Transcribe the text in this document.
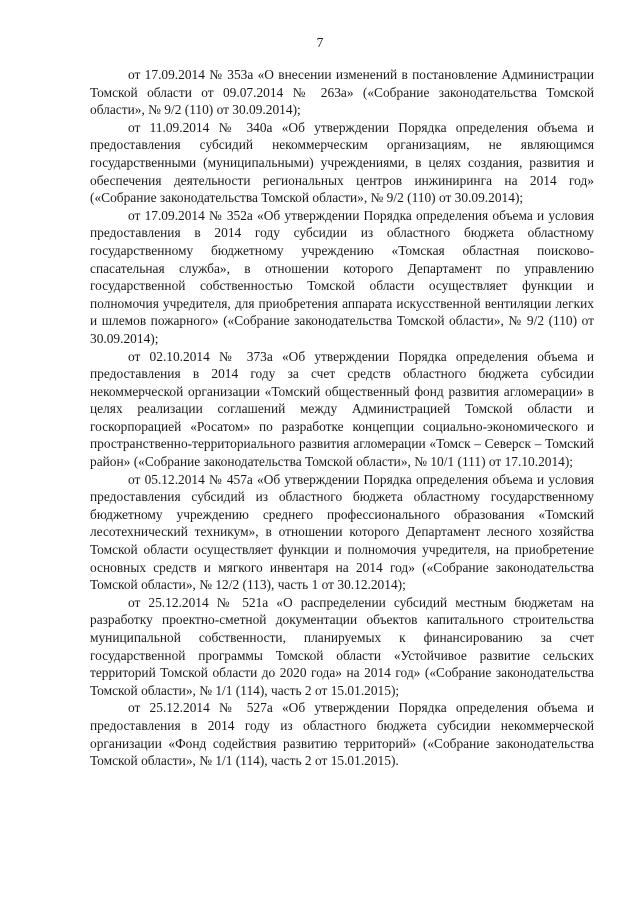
7

от 17.09.2014 № 353а «О внесении изменений в постановление Администрации Томской области от 09.07.2014 № 263а» («Собрание законодательства Томской области», № 9/2 (110) от 30.09.2014);

от 11.09.2014 № 340а «Об утверждении Порядка определения объема и предоставления субсидий некоммерческим организациям, не являющимся государственными (муниципальными) учреждениями, в целях создания, развития и обеспечения деятельности региональных центров инжиниринга на 2014 год» («Собрание законодательства Томской области», № 9/2 (110) от 30.09.2014);

от 17.09.2014 № 352а «Об утверждении Порядка определения объема и условия предоставления в 2014 году субсидии из областного бюджета областному государственному бюджетному учреждению «Томская областная поисково-спасательная служба», в отношении которого Департамент по управлению государственной собственностью Томской области осуществляет функции и полномочия учредителя, для приобретения аппарата искусственной вентиляции легких и шлемов пожарного» («Собрание законодательства Томской области», № 9/2 (110) от 30.09.2014);

от 02.10.2014 № 373а «Об утверждении Порядка определения объема и предоставления в 2014 году за счет средств областного бюджета субсидии некоммерческой организации «Томский общественный фонд развития агломерации» в целях реализации соглашений между Администрацией Томской области и госкорпорацией «Росатом» по разработке концепции социально-экономического и пространственно-территориального развития агломерации «Томск – Северск – Томский район» («Собрание законодательства Томской области», № 10/1 (111) от 17.10.2014);

от 05.12.2014 № 457а «Об утверждении Порядка определения объема и условия предоставления субсидий из областного бюджета областному государственному бюджетному учреждению среднего профессионального образования «Томский лесотехнический техникум», в отношении которого Департамент лесного хозяйства Томской области осуществляет функции и полномочия учредителя, на приобретение основных средств и мягкого инвентаря на 2014 год» («Собрание законодательства Томской области», № 12/2 (113), часть 1 от 30.12.2014);

от 25.12.2014 № 521а «О распределении субсидий местным бюджетам на разработку проектно-сметной документации объектов капитального строительства муниципальной собственности, планируемых к финансированию за счет государственной программы Томской области «Устойчивое развитие сельских территорий Томской области до 2020 года» на 2014 год» («Собрание законодательства Томской области», № 1/1 (114), часть 2 от 15.01.2015);

от 25.12.2014 № 527а «Об утверждении Порядка определения объема и предоставления в 2014 году из областного бюджета субсидии некоммерческой организации «Фонд содействия развитию территорий» («Собрание законодательства Томской области», № 1/1 (114), часть 2 от 15.01.2015).
